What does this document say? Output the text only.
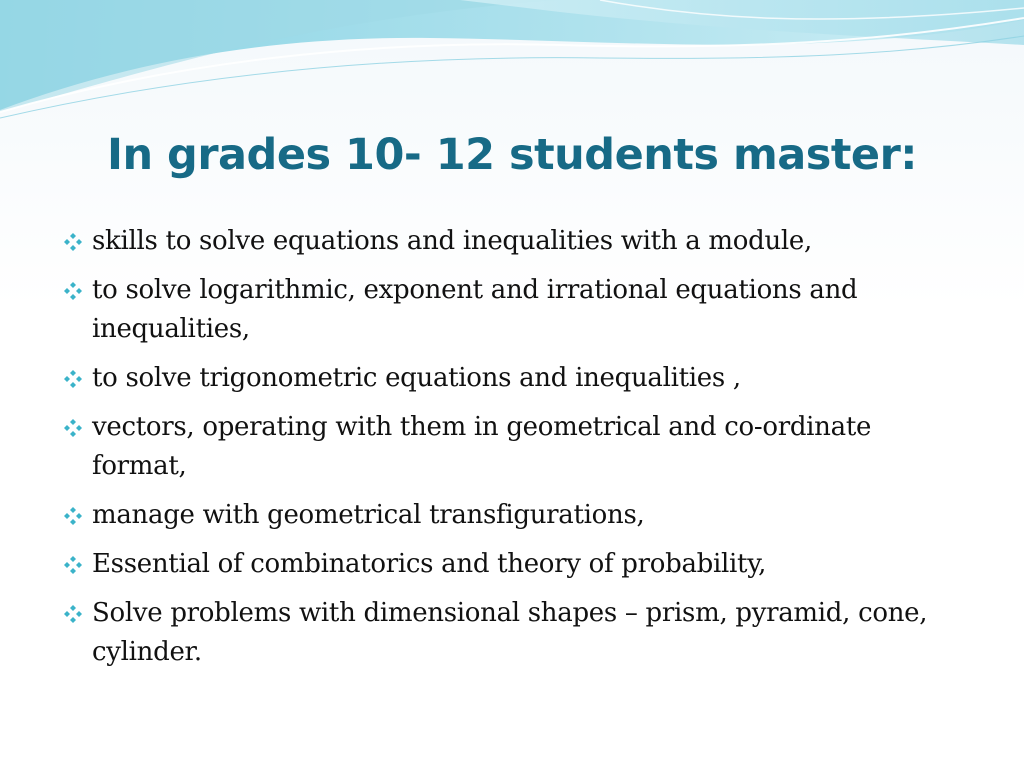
In grades 10- 12 students master:
skills to solve equations and inequalities with a module,
to solve logarithmic, exponent and irrational equations and inequalities,
to solve trigonometric equations and inequalities ,
vectors, operating with them in geometrical and co-ordinate format,
manage with geometrical transfigurations,
Essential of combinatorics and theory of probability,
Solve problems with dimensional shapes – prism, pyramid, cone, cylinder.
